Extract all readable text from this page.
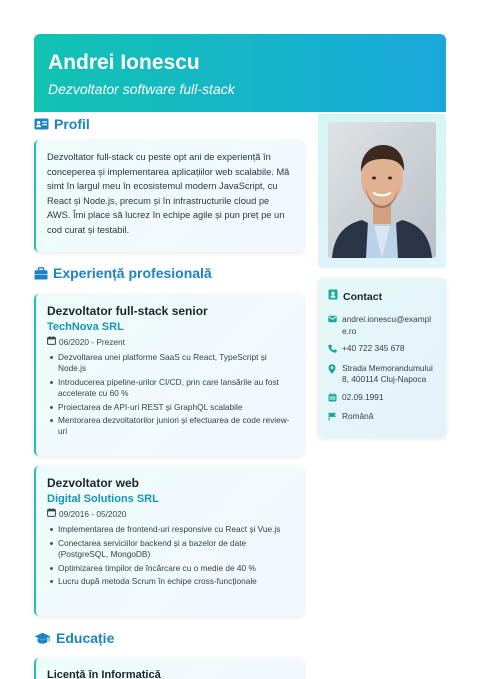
Andrei Ionescu
Dezvoltator software full-stack
Profil

Dezvoltator full-stack cu peste opt ani de experiență în conceperea și implementarea aplicațiilor web scalabile. Mă simt în largul meu în ecosistemul modern JavaScript, cu React și Node.js, precum și în infrastructurile cloud pe AWS. Îmi place să lucrez în echipe agile și pun preț pe un cod curat și testabil.

Experiență profesională
Dezvoltator full-stack senior
TechNova SRL
06/2020 - Prezent
Dezvoltarea unei platforme SaaS cu React, TypeScript și Node.js
Introducerea pipeline-urilor CI/CD, prin care lansările au fost accelerate cu 60 %
Proiectarea de API-uri REST și GraphQL scalabile
Mentorarea dezvoltatorilor juniori și efectuarea de code review-uri
Dezvoltator web
Digital Solutions SRL
09/2016 - 05/2020
Implementarea de frontend-uri responsive cu React și Vue.js
Conectarea serviciilor backend și a bazelor de date (PostgreSQL, MongoDB)
Optimizarea timpilor de încărcare cu o medie de 40 %
Lucru după metoda Scrum în echipe cross-funcționale
Educație
Licență în Informatică
Contact
andrei.ionescu@example.ro
+40 722 345 678
Strada Memorandumului 8, 400114 Cluj-Napoca
02.09.1991
Română
